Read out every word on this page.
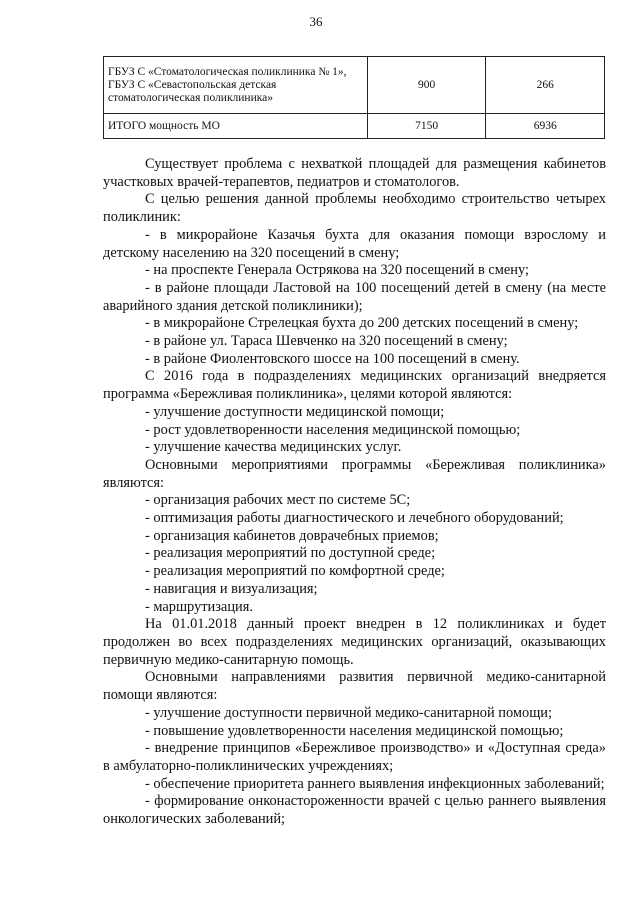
36
ГБУЗ С «Стоматологическая поликлиника № 1», ГБУЗ С «Севастопольская детская стоматологическая поликлиника»	900	266
ИТОГО мощность МО	7150	6936

Существует проблема с нехваткой площадей для размещения кабинетов участковых врачей-терапевтов, педиатров и стоматологов.

С целью решения данной проблемы необходимо строительство четырех поликлиник:

- в микрорайоне Казачья бухта для оказания помощи взрослому и детскому населению на 320 посещений в смену;

- на проспекте Генерала Острякова на 320 посещений в смену;

- в районе площади Ластовой на 100 посещений детей в смену (на месте аварийного здания детской поликлиники);

- в микрорайоне Стрелецкая бухта до 200 детских посещений в смену;

- в районе ул. Тараса Шевченко на 320 посещений в смену;

- в районе Фиолентовского шоссе на 100 посещений в смену.

С 2016 года в подразделениях медицинских организаций внедряется программа «Бережливая поликлиника», целями которой являются:

- улучшение доступности медицинской помощи;

- рост удовлетворенности населения медицинской помощью;

- улучшение качества медицинских услуг.

Основными мероприятиями программы «Бережливая поликлиника» являются:

- организация рабочих мест по системе 5С;

- оптимизация работы диагностического и лечебного оборудований;

- организация кабинетов доврачебных приемов;

- реализация мероприятий по доступной среде;

- реализация мероприятий по комфортной среде;

- навигация и визуализация;

- маршрутизация.

На 01.01.2018 данный проект внедрен в 12 поликлиниках и будет продолжен во всех подразделениях медицинских организаций, оказывающих первичную медико-санитарную помощь.

Основными направлениями развития первичной медико-санитарной помощи являются:

- улучшение доступности первичной медико-санитарной помощи;

- повышение удовлетворенности населения медицинской помощью;

- внедрение принципов «Бережливое производство» и «Доступная среда» в амбулаторно-поликлинических учреждениях;

- обеспечение приоритета раннего выявления инфекционных заболеваний;

- формирование онконастороженности врачей с целью раннего выявления онкологических заболеваний;
